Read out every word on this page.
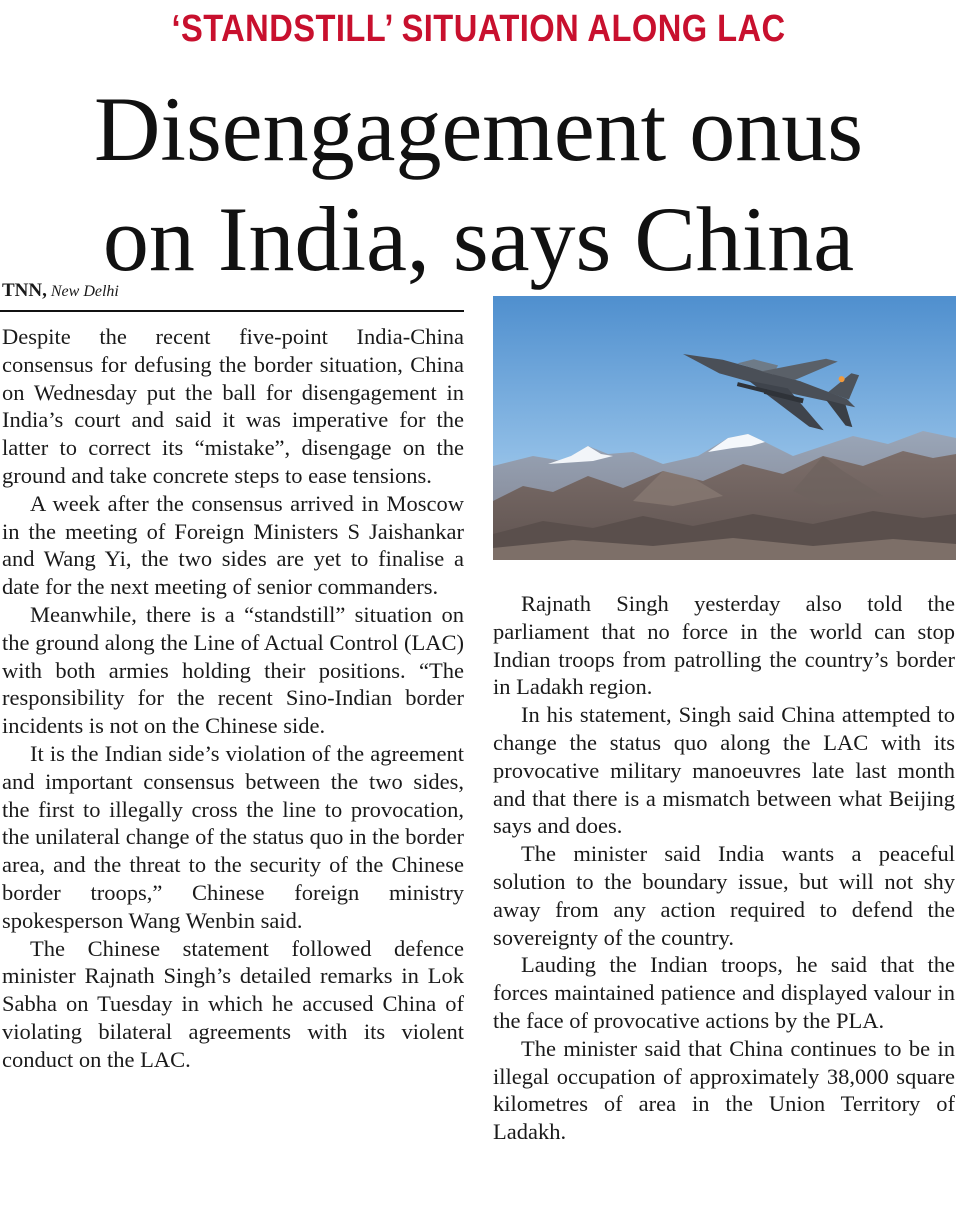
‘STANDSTILL’ SITUATION ALONG LAC
Disengagement onus
on India, says China
TNN, New Delhi

Despite the recent five-point India-China consensus for defusing the border situation, China on Wednesday put the ball for disengagement in India’s court and said it was imperative for the latter to correct its “mistake”, disengage on the ground and take concrete steps to ease tensions.

A week after the consensus arrived in Moscow in the meeting of Foreign Ministers S Jaishankar and Wang Yi, the two sides are yet to finalise a date for the next meeting of senior commanders.

Meanwhile, there is a “standstill” situation on the ground along the Line of Actual Control (LAC) with both armies holding their positions. “The responsibility for the recent Sino-Indian border incidents is not on the Chinese side.

It is the Indian side’s violation of the agreement and important consensus between the two sides, the first to illegally cross the line to provocation, the unilateral change of the status quo in the border area, and the threat to the security of the Chinese border troops,” Chinese foreign ministry spokesperson Wang Wenbin said.

The Chinese statement followed defence minister Rajnath Singh’s detailed remarks in Lok Sabha on Tuesday in which he accused China of violating bilateral agreements with its violent conduct on the LAC.

Rajnath Singh yesterday also told the parliament that no force in the world can stop Indian troops from patrolling the country’s border in Ladakh region.

In his statement, Singh said China attempted to change the status quo along the LAC with its provocative military manoeuvres late last month and that there is a mismatch between what Beijing says and does.

The minister said India wants a peaceful solution to the boundary issue, but will not shy away from any action required to defend the sovereignty of the country.

Lauding the Indian troops, he said that the forces maintained patience and displayed valour in the face of provocative actions by the PLA.

The minister said that China continues to be in illegal occupation of approximately 38,000 square kilometres of area in the Union Territory of Ladakh.
